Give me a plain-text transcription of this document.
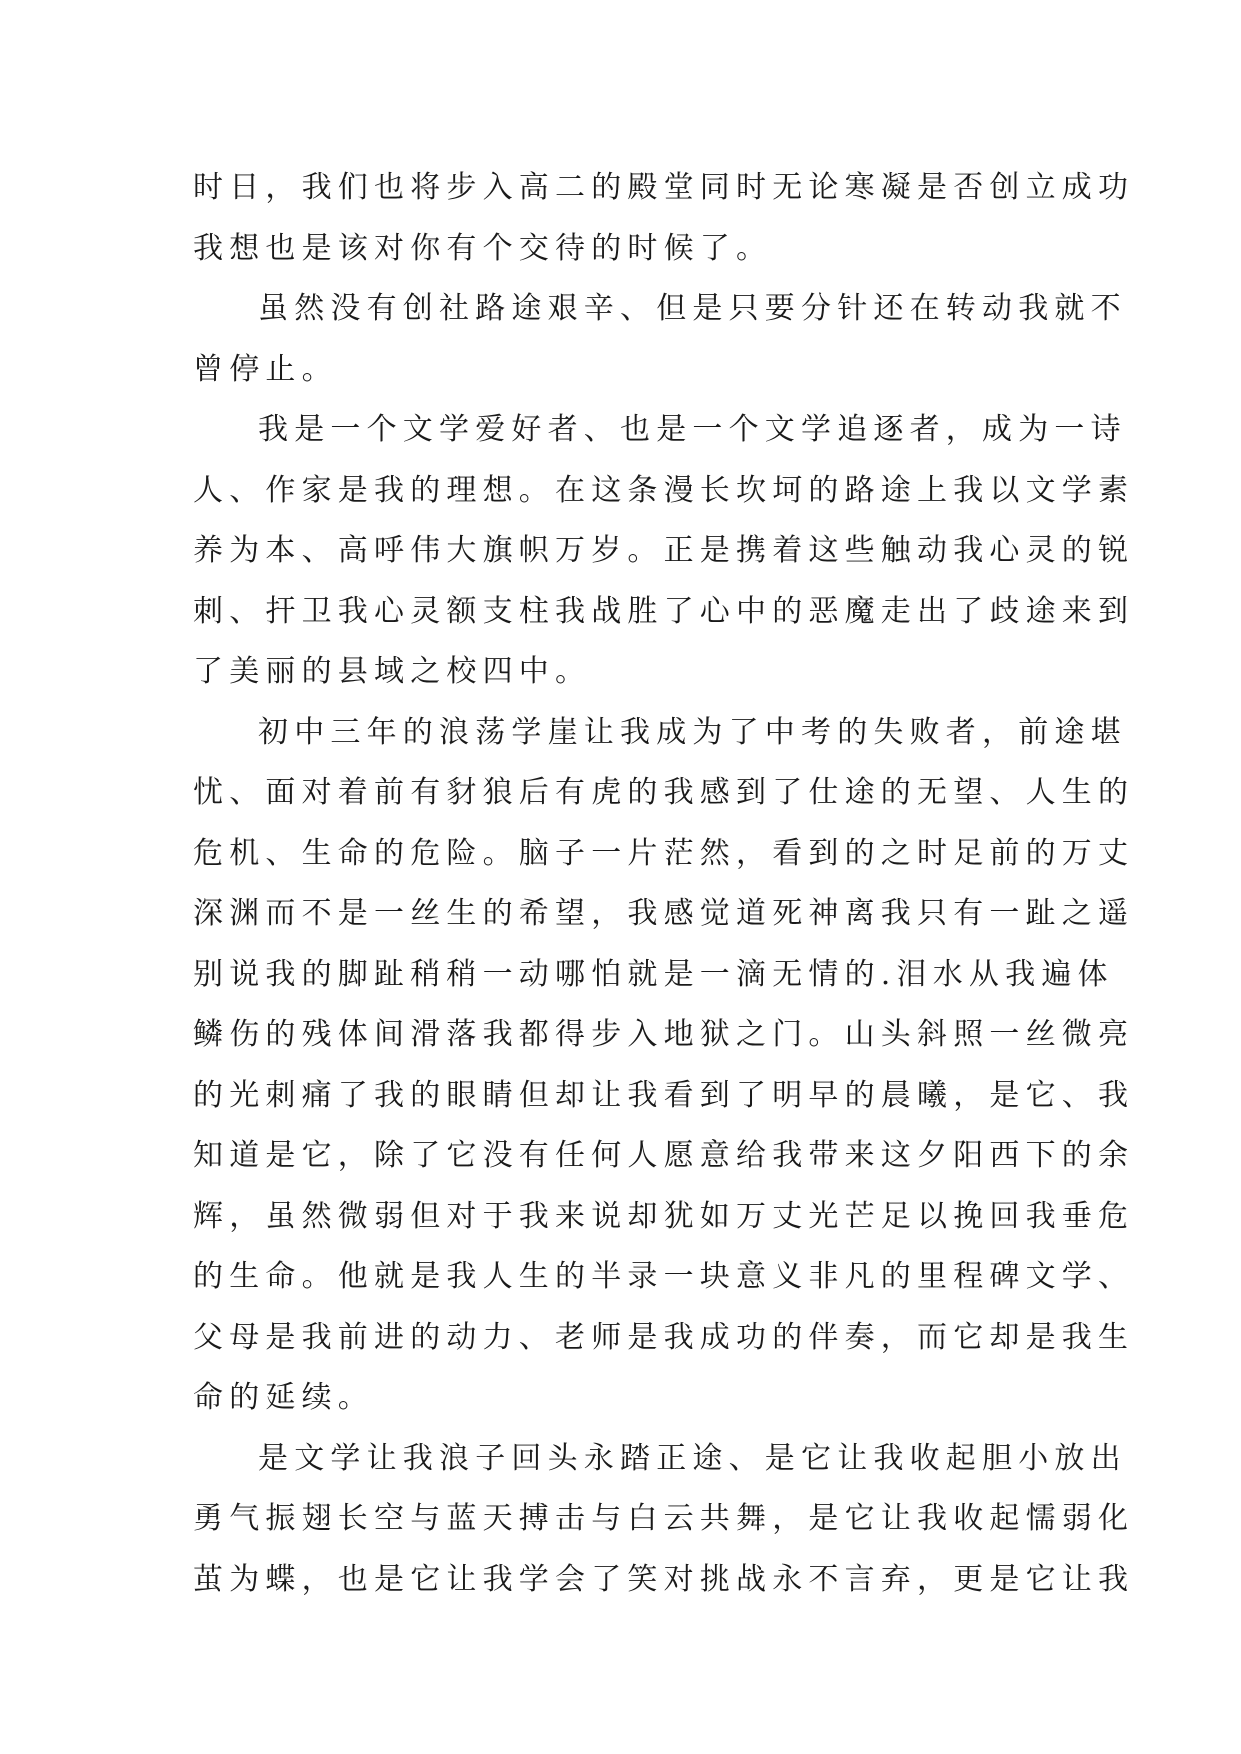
时日，我们也将步入高二的殿堂同时无论寒凝是否创立成功
我想也是该对你有个交待的时候了。
虽然没有创社路途艰辛、但是只要分针还在转动我就不
曾停止。
我是一个文学爱好者、也是一个文学追逐者，成为一诗
人、作家是我的理想。在这条漫长坎坷的路途上我以文学素
养为本、高呼伟大旗帜万岁。正是携着这些触动我心灵的锐
刺、扞卫我心灵额支柱我战胜了心中的恶魔走出了歧途来到
了美丽的县域之校四中。
初中三年的浪荡学崖让我成为了中考的失败者，前途堪
忧、面对着前有豺狼后有虎的我感到了仕途的无望、人生的
危机、生命的危险。脑子一片茫然，看到的之时足前的万丈
深渊而不是一丝生的希望，我感觉道死神离我只有一趾之遥
别说我的脚趾稍稍一动哪怕就是一滴无情的.泪水从我遍体
鳞伤的残体间滑落我都得步入地狱之门。山头斜照一丝微亮
的光刺痛了我的眼睛但却让我看到了明早的晨曦，是它、我
知道是它，除了它没有任何人愿意给我带来这夕阳西下的余
辉，虽然微弱但对于我来说却犹如万丈光芒足以挽回我垂危
的生命。他就是我人生的半录一块意义非凡的里程碑文学、
父母是我前进的动力、老师是我成功的伴奏，而它却是我生
命的延续。
是文学让我浪子回头永踏正途、是它让我收起胆小放出
勇气振翅长空与蓝天搏击与白云共舞，是它让我收起懦弱化
茧为蝶，也是它让我学会了笑对挑战永不言弃，更是它让我
